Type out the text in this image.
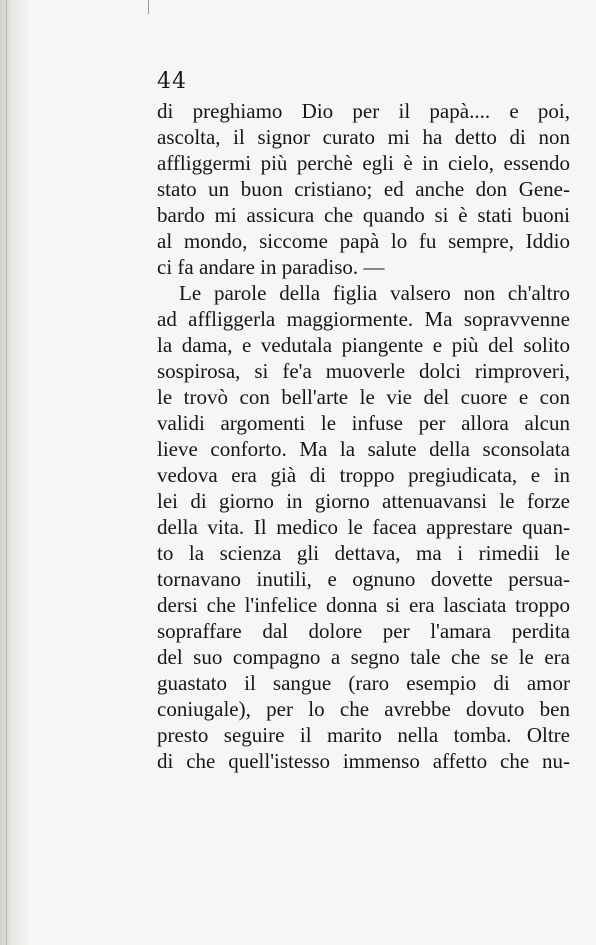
44
di preghiamo Dio per il papà.... e poi,
ascolta, il signor curato mi ha detto di non
affliggermi più perchè egli è in cielo, essendo
stato un buon cristiano; ed anche don Gene-
bardo mi assicura che quando si è stati buoni
al mondo, siccome papà lo fu sempre, Iddio
ci fa andare in paradiso. —
Le parole della figlia valsero non ch'altro
ad affliggerla maggiormente. Ma sopravvenne
la dama, e vedutala piangente e più del solito
sospirosa, si fe'a muoverle dolci rimproveri,
le trovò con bell'arte le vie del cuore e con
validi argomenti le infuse per allora alcun
lieve conforto. Ma la salute della sconsolata
vedova era già di troppo pregiudicata, e in
lei di giorno in giorno attenuavansi le forze
della vita. Il medico le facea apprestare quan-
to la scienza gli dettava, ma i rimedii le
tornavano inutili, e ognuno dovette persua-
dersi che l'infelice donna si era lasciata troppo
sopraffare dal dolore per l'amara perdita
del suo compagno a segno tale che se le era
guastato il sangue (raro esempio di amor
coniugale), per lo che avrebbe dovuto ben
presto seguire il marito nella tomba. Oltre
di che quell'istesso immenso affetto che nu-
